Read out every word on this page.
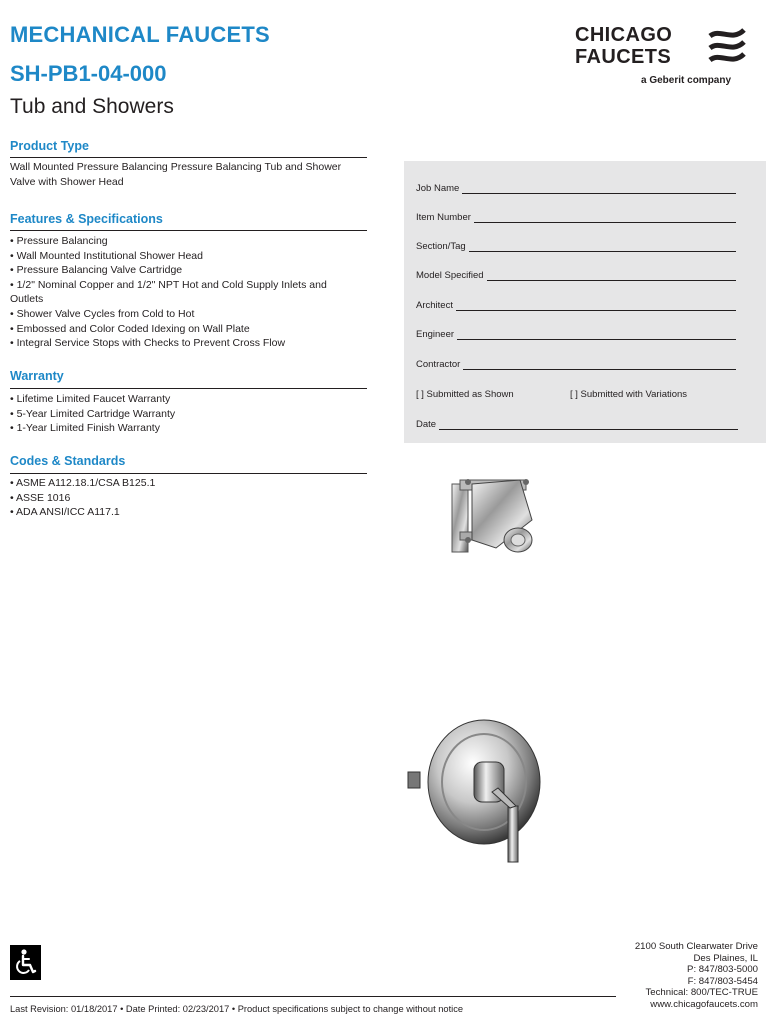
MECHANICAL FAUCETS
SH-PB1-04-000
Tub and Showers
CHICAGO
FAUCETS
a Geberit company
Product Type
Wall Mounted Pressure Balancing Pressure Balancing Tub and Shower
Valve with Shower Head
Features & Specifications
• Pressure Balancing
• Wall Mounted Institutional Shower Head
• Pressure Balancing Valve Cartridge
• 1/2" Nominal Copper and 1/2" NPT Hot and Cold Supply Inlets and
Outlets
• Shower Valve Cycles from Cold to Hot
• Embossed and Color Coded Idexing on Wall Plate
• Integral Service Stops with Checks to Prevent Cross Flow
Warranty
• Lifetime Limited Faucet Warranty
• 5-Year Limited Cartridge Warranty
• 1-Year Limited Finish Warranty
Codes & Standards
• ASME A112.18.1/CSA B125.1
• ASSE 1016
• ADA ANSI/ICC A117.1
Job Name
Item Number
Section/Tag
Model Specified
Architect
Engineer
Contractor
[ ] Submitted as Shown	[ ] Submitted with Variations
Date
Last Revision: 01/18/2017 • Date Printed: 02/23/2017 • Product specifications subject to change without notice
2100 South Clearwater Drive
Des Plaines, IL
P: 847/803-5000
F: 847/803-5454
Technical: 800/TEC-TRUE
www.chicagofaucets.com
